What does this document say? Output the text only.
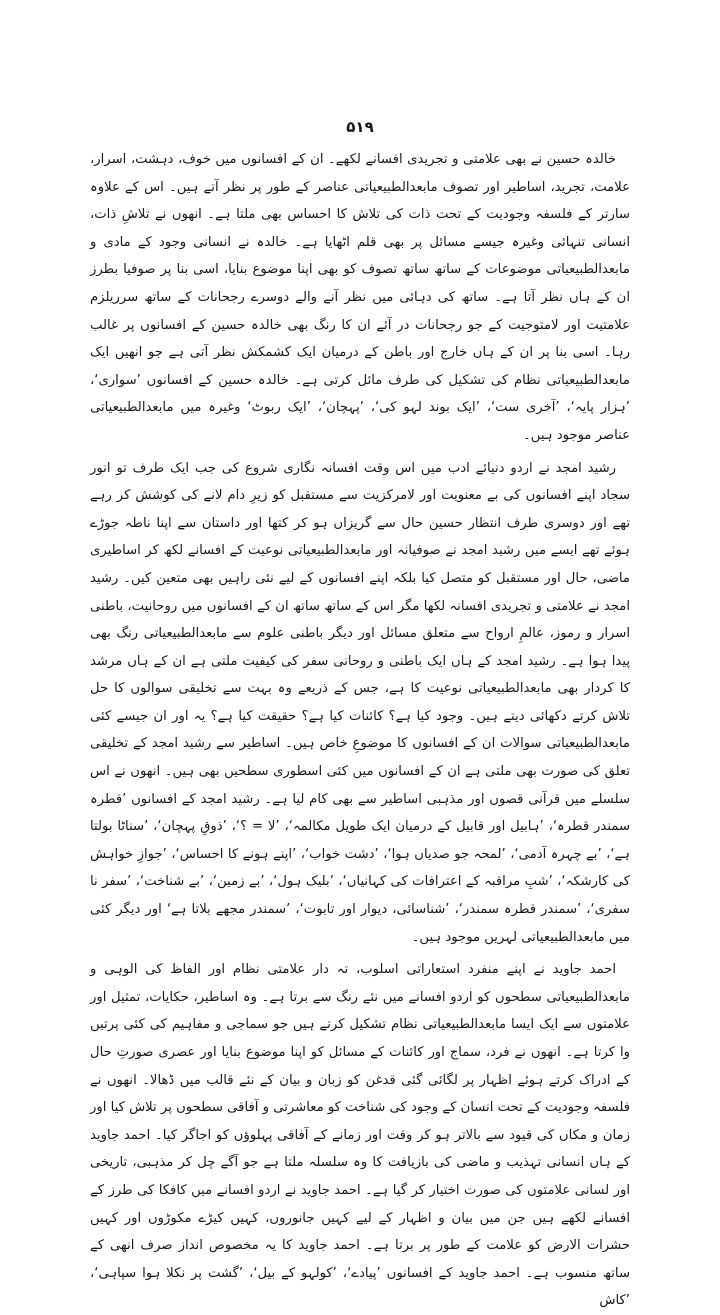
۵۱۹

خالدہ حسین نے بھی علامتی و تجریدی افسانے لکھے۔ ان کے افسانوں میں خوف، دہشت، اسرار، علامت، تجرید، اساطیر اور تصوف مابعدالطبیعیاتی عناصر کے طور پر نظر آتے ہیں۔ اس کے علاوہ سارتر کے فلسفہ وجودیت کے تحت ذات کی تلاش کا احساس بھی ملتا ہے۔ انھوں نے تلاشِ ذات، انسانی تنہائی وغیرہ جیسے مسائل پر بھی قلم اٹھایا ہے۔ خالدہ نے انسانی وجود کے مادی و مابعدالطبیعیاتی موضوعات کے ساتھ ساتھ تصوف کو بھی اپنا موضوع بنایا، اسی بنا پر صوفیا بطرز ان کے ہاں نظر آتا ہے۔ ساتھ کی دہائی میں نظر آنے والے دوسرے رجحانات کے ساتھ سرریلزم علامتیت اور لامتوجیت کے جو رجحانات در آئے ان کا رنگ بھی خالدہ حسین کے افسانوں پر غالب رہا۔ اسی بنا پر ان کے ہاں خارج اور باطن کے درمیان ایک کشمکش نظر آتی ہے جو انھیں ایک مابعدالطبیعیاتی نظام کی تشکیل کی طرف مائل کرتی ہے۔ خالدہ حسین کے افسانوں ’سواری‘، ’ہزار پایہ‘، ’آخری ست‘، ’ایک بوند لہو کی‘، ’پہچان‘، ’ایک ربوٹ‘ وغیرہ میں مابعدالطبیعیاتی عناصر موجود ہیں۔

رشید امجد نے اردو دنیائے ادب میں اس وقت افسانہ نگاری شروع کی جب ایک طرف تو انور سجاد اپنے افسانوں کی بے معنویت اور لامرکزیت سے مستقبل کو زیرِ دام لانے کی کوشش کر رہے تھے اور دوسری طرف انتظار حسین حال سے گریزاں ہو کر کتھا اور داستان سے اپنا ناطہ جوڑے ہوئے تھے ایسے میں رشید امجد نے صوفیانہ اور مابعدالطبیعیاتی نوعیت کے افسانے لکھ کر اساطیری ماضی، حال اور مستقبل کو متصل کیا بلکہ اپنے افسانوں کے لیے نئی راہیں بھی متعین کیں۔ رشید امجد نے علامتی و تجریدی افسانہ لکھا مگر اس کے ساتھ ساتھ ان کے افسانوں میں روحانیت، باطنی اسرار و رموز، عالمِ ارواح سے متعلق مسائل اور دیگر باطنی علوم سے مابعدالطبیعیاتی رنگ بھی پیدا ہوا ہے۔ رشید امجد کے ہاں ایک باطنی و روحانی سفر کی کیفیت ملتی ہے ان کے ہاں مرشد کا کردار بھی مابعدالطبیعیاتی نوعیت کا ہے، جس کے ذریعے وہ بہت سے تخلیقی سوالوں کا حل تلاش کرتے دکھائی دیتے ہیں۔ وجود کیا ہے؟ کائنات کیا ہے؟ حقیقت کیا ہے؟ یہ اور ان جیسے کئی مابعدالطبیعیاتی سوالات ان کے افسانوں کا موضوعِ خاص ہیں۔ اساطیر سے رشید امجد کے تخلیقی تعلق کی صورت بھی ملتی ہے ان کے افسانوں میں کئی اسطوری سطحیں بھی ہیں۔ انھوں نے اس سلسلے میں قرآنی قصوں اور مذہبی اساطیر سے بھی کام لیا ہے۔ رشید امجد کے افسانوں ’قطرہ سمندر قطرہ‘، ’ہابیل اور قابیل کے درمیان ایک طویل مکالمہ‘، ’لا = ؟‘، ’ذوقِ پہچان‘، ’سناٹا بولتا ہے‘، ’بے چہرہ آدمی‘، ’لمحہ جو صدیاں ہوا‘، ’دشت خواب‘، ’اپنے ہونے کا احساس‘، ’جوازِ خواہش کی کارشکہ‘، ’شبِ مراقبہ کے اعترافات کی کہانیاں‘، ’بلیک ہول‘، ’بے زمین‘، ’بے شناخت‘، ’سفر نا سفری‘، ’سمندر قطرہ سمندر‘، ’شناسائی، دیوار اور تابوت‘، ’سمندر مجھے بلاتا ہے‘ اور دیگر کئی میں مابعدالطبیعیاتی لہریں موجود ہیں۔

احمد جاوید نے اپنے منفرد استعاراتی اسلوب، تہ دار علامتی نظام اور الفاظ کی الوہی و مابعدالطبیعیاتی سطحوں کو اردو افسانے میں نئے رنگ سے برتا ہے۔ وہ اساطیر، حکایات، تمثیل اور علامتوں سے ایک ایسا مابعدالطبیعیاتی نظام تشکیل کرتے ہیں جو سماجی و مفاہیم کی کئی پرتیں وا کرتا ہے۔ انھوں نے فرد، سماج اور کائنات کے مسائل کو اپنا موضوع بنایا اور عصری صورتِ حال کے ادراک کرتے ہوئے اظہار پر لگائی گئی قدغن کو زبان و بیان کے نئے قالب میں ڈھالا۔ انھوں نے فلسفہ وجودیت کے تحت انسان کے وجود کی شناخت کو معاشرتی و آفاقی سطحوں پر تلاش کیا اور زمان و مکاں کی قیود سے بالاتر ہو کر وقت اور زمانے کے آفاقی پہلوؤں کو اجاگر کیا۔ احمد جاوید کے ہاں انسانی تہذیب و ماضی کی بازیافت کا وہ سلسلہ ملتا ہے جو آگے چل کر مذہبی، تاریخی اور لسانی علامتوں کی صورت اختیار کر گیا ہے۔ احمد جاوید نے اردو افسانے میں کافکا کی طرز کے افسانے لکھے ہیں جن میں بیان و اظہار کے لیے کہیں جانوروں، کہیں کیڑے مکوڑوں اور کہیں حشرات الارض کو علامت کے طور پر برتا ہے۔ احمد جاوید کا یہ مخصوص انداز صرف انھی کے ساتھ منسوب ہے۔ احمد جاوید کے افسانوں ’پیادے‘، ’کولہو کے بیل‘، ’گشت پر نکلا ہوا سپاہی‘، ’کاش
